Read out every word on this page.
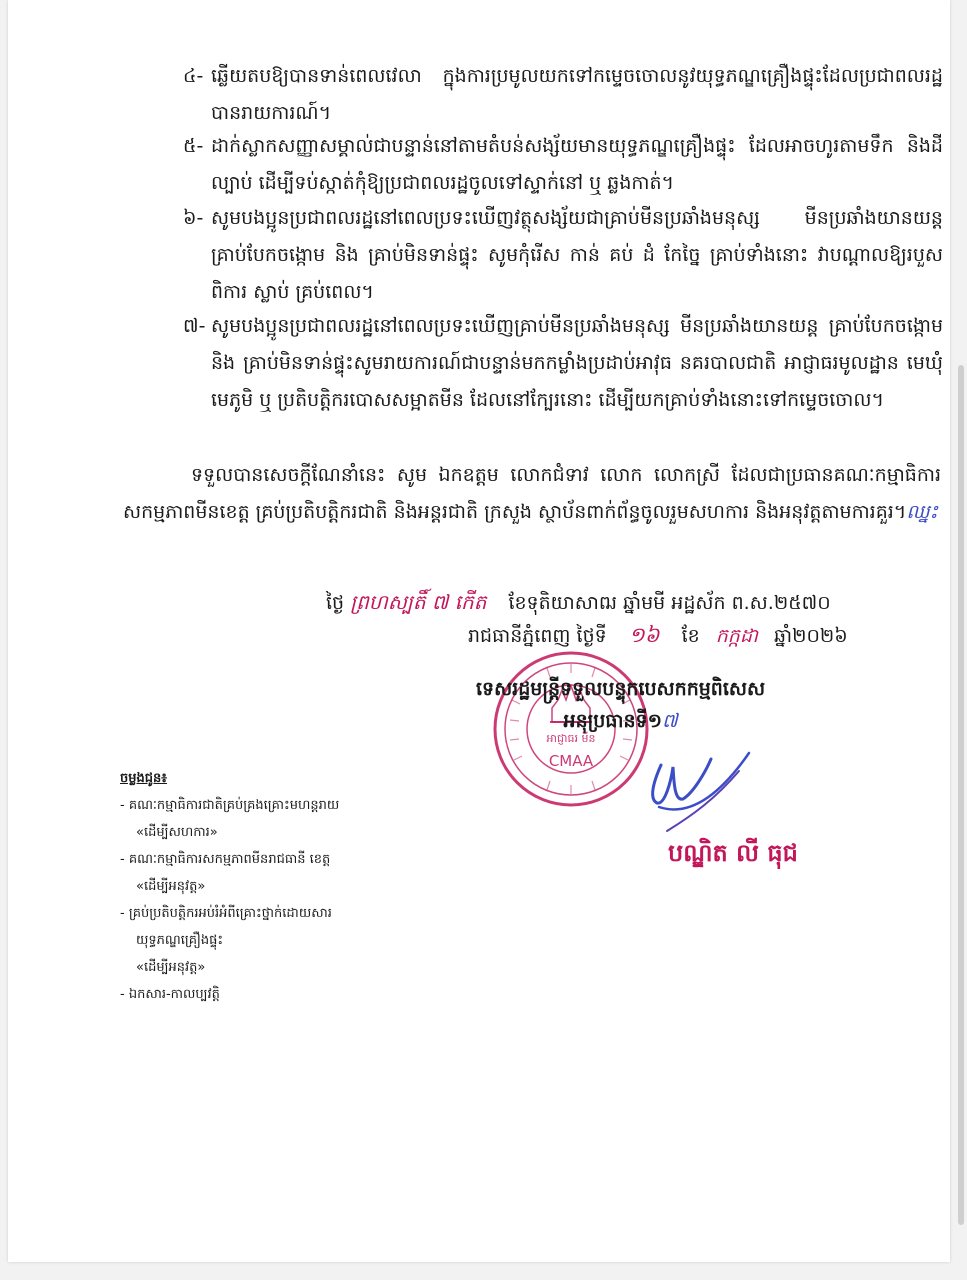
៤- ឆ្លើយតបឱ្យបានទាន់ពេលវេលា ក្នុងការប្រមូលយកទៅកម្ទេចចោលនូវយុទ្ធភណ្ឌគ្រឿងផ្ទុះដែលប្រជាពលរដ្ឋបានរាយការណ៍។
៥- ដាក់ស្លាកសញ្ញាសម្គាល់ជាបន្ទាន់នៅតាមតំបន់សង្ស័យមានយុទ្ធភណ្ឌគ្រឿងផ្ទុះ ដែលអាចហូរតាមទឹក និងដីល្បាប់ ដើម្បីទប់ស្កាត់កុំឱ្យប្រជាពលរដ្ឋចូលទៅស្ទាក់នៅ ឬ ឆ្លងកាត់។
៦- សូមបងប្អូនប្រជាពលរដ្ឋនៅពេលប្រទះឃើញវត្ថុសង្ស័យជាគ្រាប់មីនប្រឆាំងមនុស្ស មីនប្រឆាំងយានយន្ត គ្រាប់បែកចង្កោម និង គ្រាប់មិនទាន់ផ្ទុះ សូមកុំរើស កាន់ គប់ ដំ កែច្នៃ គ្រាប់ទាំងនោះ វាបណ្តាលឱ្យរបួស ពិការ ស្លាប់ គ្រប់ពេល។
៧- សូមបងប្អូនប្រជាពលរដ្ឋនៅពេលប្រទះឃើញគ្រាប់មីនប្រឆាំងមនុស្ស មីនប្រឆាំងយានយន្ត គ្រាប់បែកចង្កោម និង គ្រាប់មិនទាន់ផ្ទុះសូមរាយការណ៍ជាបន្ទាន់មកកម្លាំងប្រដាប់អាវុធ នគរបាលជាតិ អាជ្ញាធរមូលដ្ឋាន មេឃុំ មេភូមិ ឬ ប្រតិបត្តិករបោសសម្អាតមីន ដែលនៅក្បែរនោះ ដើម្បីយកគ្រាប់ទាំងនោះទៅកម្ទេចចោល។
ទទួលបានសេចក្តីណែនាំនេះ សូម ឯកឧត្តម លោកជំទាវ លោក លោកស្រី ដែលជាប្រធានគណៈកម្មាធិការសកម្មភាពមីនខេត្ត គ្រប់ប្រតិបត្តិករជាតិ និងអន្តរជាតិ ក្រសួង ស្ថាប័នពាក់ព័ន្ធចូលរួមសហការ និងអនុវត្តតាមការគួរ។ឈ្នះ
ថ្ងៃ ព្រហស្បតិ៍ ៧ កើត ខែទុតិយាសាឍ ឆ្នាំមមី អដ្ឋស័ក ព.ស.២៥៧០
រាជធានីភ្នំពេញ ថ្ងៃទី ១៦ ខែ កក្កដា ឆ្នាំ២០២៦
អាជ្ញាធរ មីន
CMAA
ទេសរដ្ឋមន្ត្រីទទួលបន្ទុកបេសកកម្មពិសេស
អនុប្រធានទី១៧
បណ្ឌិត លី ធុជ
ចម្លងជូន៖
- គណៈកម្មាធិការជាតិគ្រប់គ្រងគ្រោះមហន្តរាយ
«ដើម្បីសហការ»
- គណៈកម្មាធិការសកម្មភាពមីនរាជធានី ខេត្ត
«ដើម្បីអនុវត្ត»
- គ្រប់ប្រតិបត្តិករអប់រំអំពីគ្រោះថ្នាក់ដោយសារ
យុទ្ធភណ្ឌគ្រឿងផ្ទុះ
«ដើម្បីអនុវត្ត»
- ឯកសារ-កាលប្បវត្តិ
